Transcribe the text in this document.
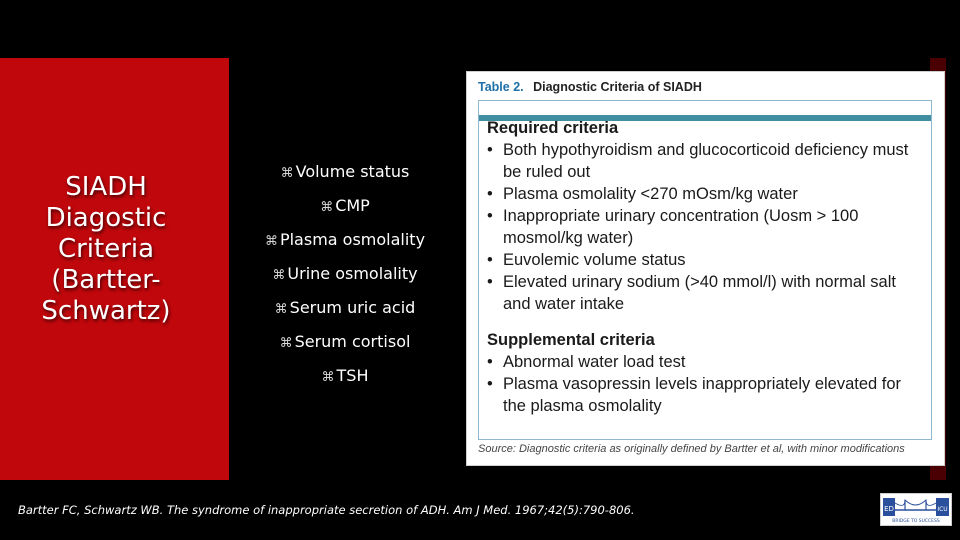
SIADH
Diagostic
Criteria
(Bartter-
Schwartz)
⌘ Volume status
⌘ CMP
⌘ Plasma osmolality
⌘ Urine osmolality
⌘ Serum uric acid
⌘ Serum cortisol
⌘ TSH
Table 2. Diagnostic Criteria of SIADH
Required criteria
• Both hypothyroidism and glucocorticoid deficiency must be ruled out
• Plasma osmolality <270 mOsm/kg water
• Inappropriate urinary concentration (Uosm > 100 mosmol/kg water)
• Euvolemic volume status
• Elevated urinary sodium (>40 mmol/l) with normal salt and water intake
Supplemental criteria
• Abnormal water load test
• Plasma vasopressin levels inappropriately elevated for the plasma osmolality
Source: Diagnostic criteria as originally defined by Bartter et al, with minor modifications
Bartter FC, Schwartz WB. The syndrome of inappropriate secretion of ADH. Am J Med. 1967;42(5):790-806.	ED	ICU
BRIDGE TO SUCCESS
